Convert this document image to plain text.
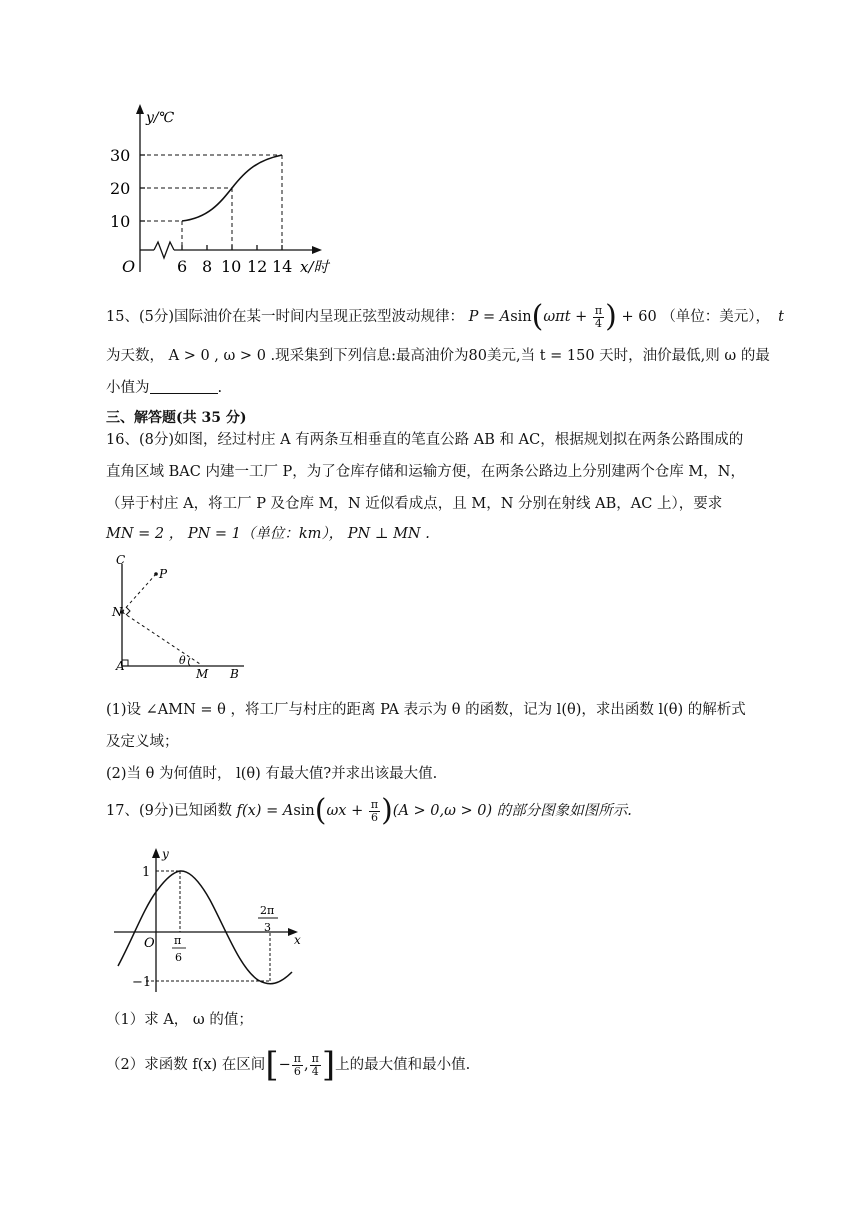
y/℃
30
20
10
O	6 8 10 12 14 x/时
15、(5分)国际油价在某一时间内呈现正弦型波动规律： $P = Asin(\omega\pi t + \frac{\pi}{4}$ ) + 60 （单位：美元）， t
为天数， A > 0 , ω > 0 .现采集到下列信息:最高油价为80美元,当 t = 150 天时，油价最低,则 ω 的最
小值为	.
三、解答题(共 35 分)
16、(8分)如图，经过村庄 A 有两条互相垂直的笔直公路 AB 和 AC，根据规划拟在两条公路围成的
直角区域 BAC 内建一工厂 P，为了仓库存储和运输方便，在两条公路边上分别建两个仓库 M，N，
（异于村庄 A，将工厂 P 及仓库 M，N 近似看成点，且 M，N 分别在射线 AB，AC 上），要求
MN = 2 ， PN = 1（单位：km）， PN ⊥ MN .
C
P
N
A
M B
θ
(1)设 ∠AMN = θ ，将工厂与村庄的距离 PA 表示为 θ 的函数，记为 l(θ)，求出函数 l(θ) 的解析式
及定义域；
(2)当 θ 为何值时， l(θ) 有最大值?并求出该最大值.
17、(9分)已知函数 $f(x) = Asin(\omega x + \frac{\pi}{6} )(A > 0,\omega > 0)$ 的部分图象如图所示.
y
x
O
1
−1
π
6
2π
3
（1）求 A， ω 的值；
（2）求函数 f(x) 在区间[− $\frac{\pi}{6}$ , $\frac{\pi}{4}$ ]上的最大值和最小值.
